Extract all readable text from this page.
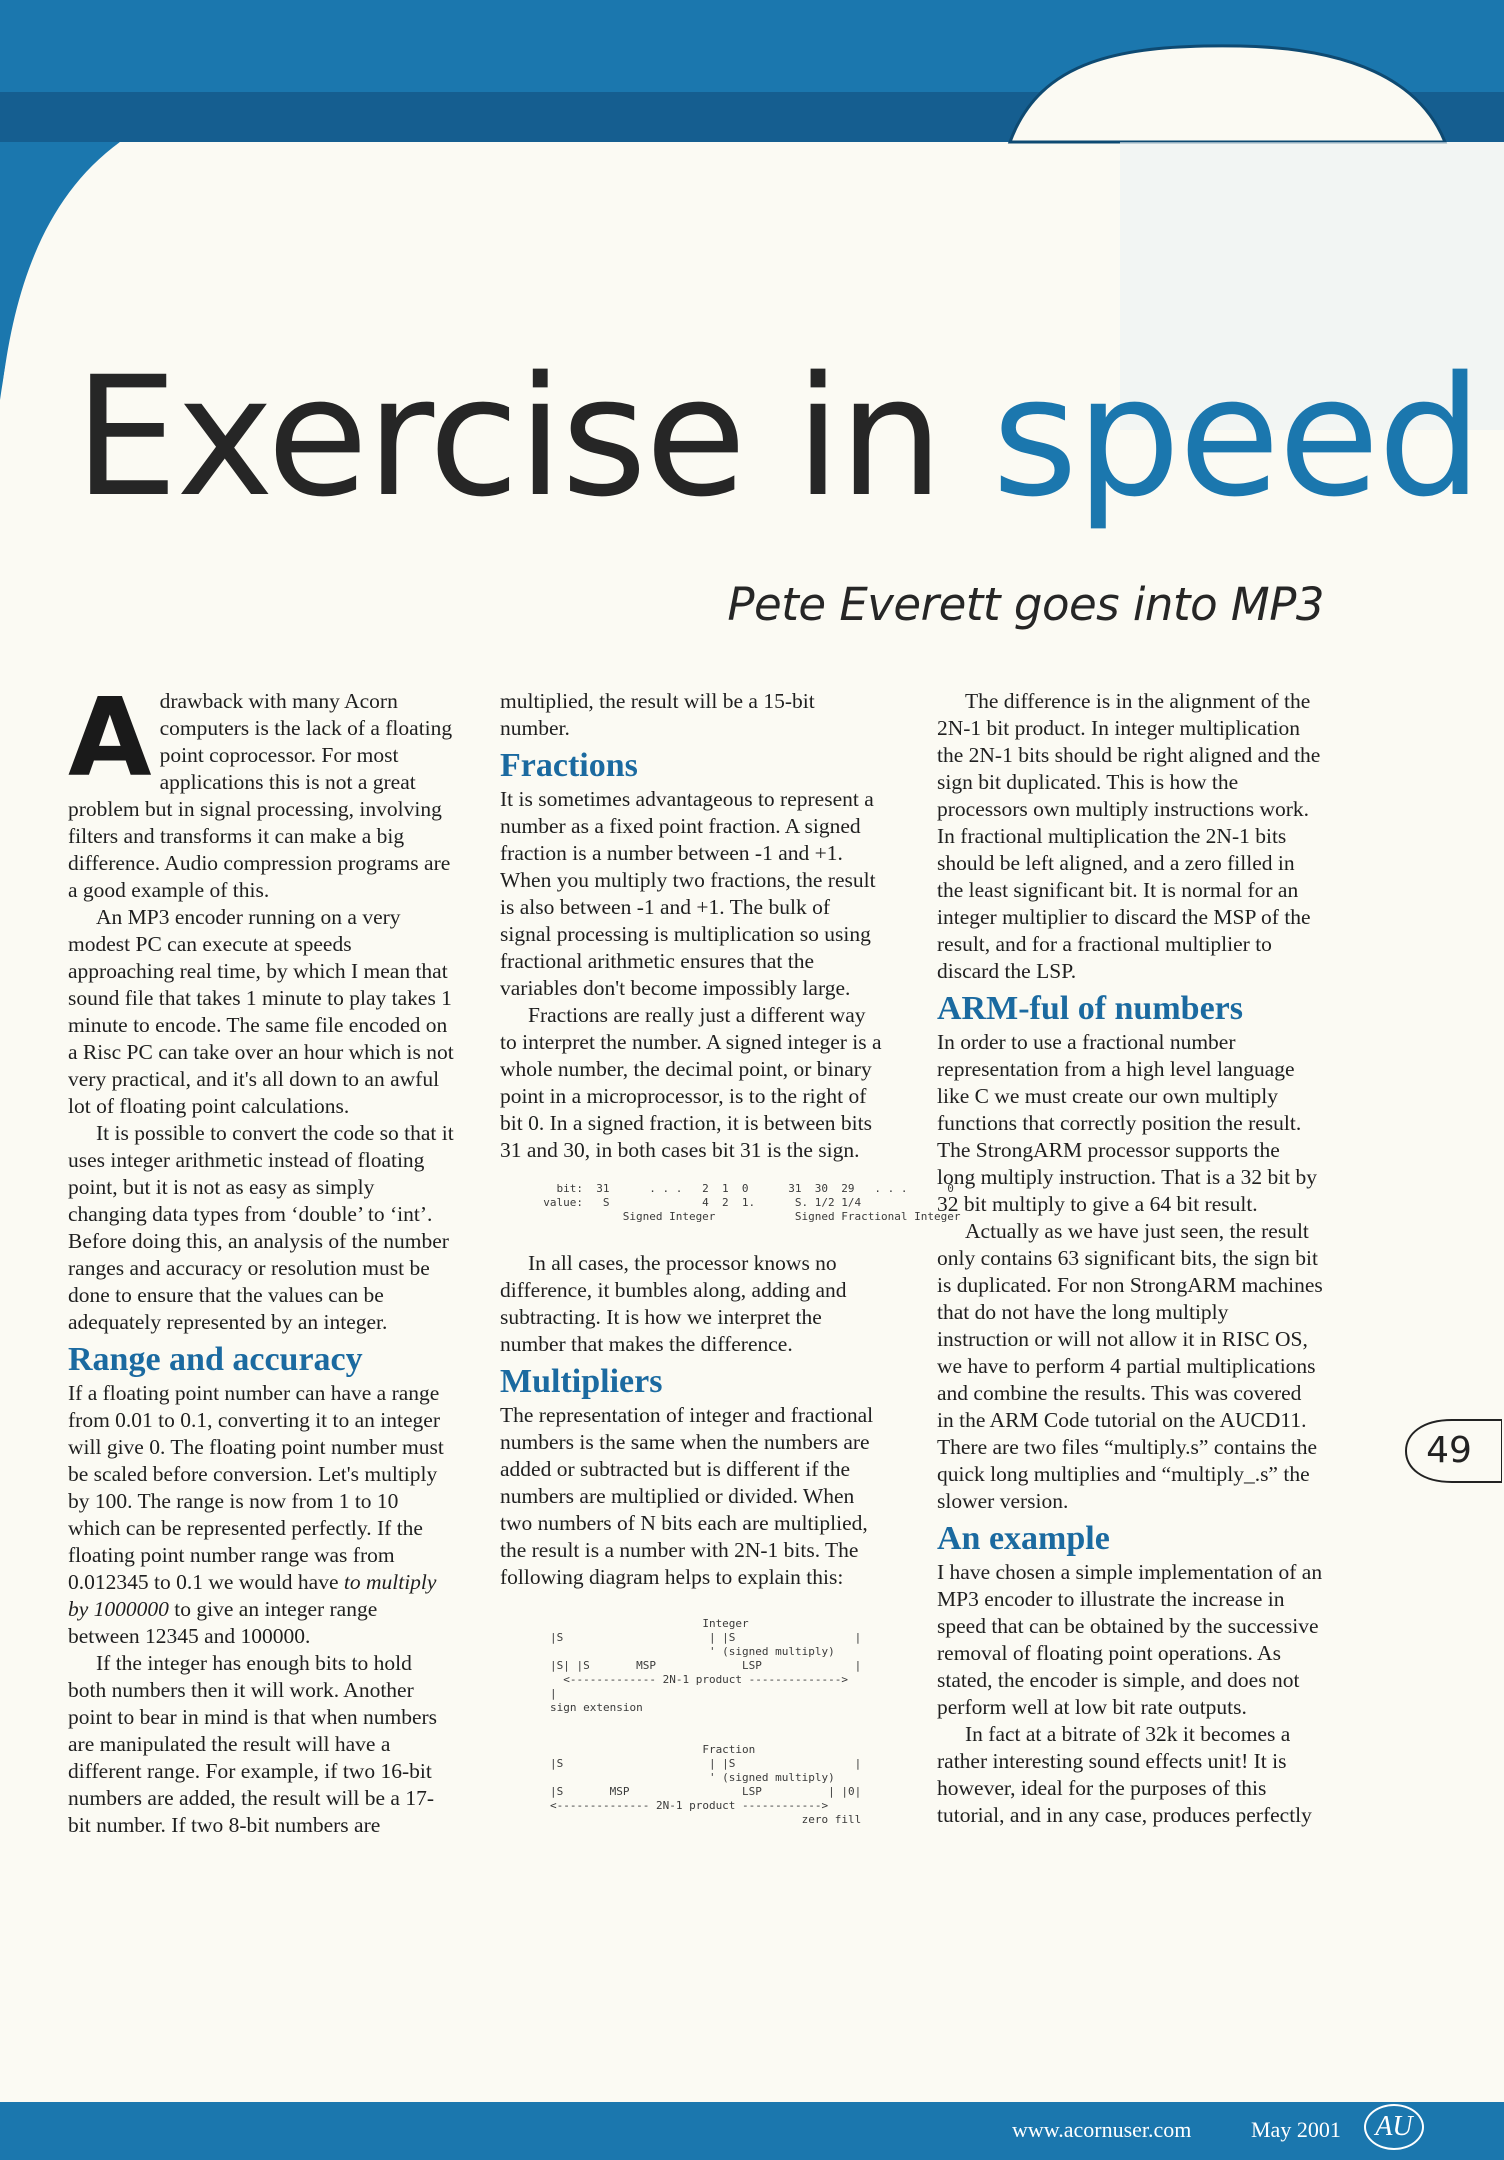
Exercise in speed
Pete Everett goes into MP3
A drawback with many Acorn computers is the lack of a floating point coprocessor. For most applications this is not a great problem but in signal processing, involving filters and transforms it can make a big difference. Audio compression programs are a good example of this.

An MP3 encoder running on a very modest PC can execute at speeds approaching real time, by which I mean that sound file that takes 1 minute to play takes 1 minute to encode. The same file encoded on a Risc PC can take over an hour which is not very practical, and it's all down to an awful lot of floating point calculations.

It is possible to convert the code so that it uses integer arithmetic instead of floating point, but it is not as easy as simply changing data types from ‘double’ to ‘int’. Before doing this, an analysis of the number ranges and accuracy or resolution must be done to ensure that the values can be adequately represented by an integer.

Range and accuracy

If a floating point number can have a range from 0.01 to 0.1, converting it to an integer will give 0. The floating point number must be scaled before conversion. Let's multiply by 100. The range is now from 1 to 10 which can be represented perfectly. If the floating point number range was from 0.012345 to 0.1 we would have to multiply by 1000000 to give an integer range between 12345 and 100000.

If the integer has enough bits to hold both numbers then it will work. Another point to bear in mind is that when numbers are manipulated the result will have a different range. For example, if two 16-bit numbers are added, the result will be a 17-bit number. If two 8-bit numbers are

multiplied, the result will be a 15-bit number.

Fractions

It is sometimes advantageous to represent a number as a fixed point fraction. A signed fraction is a number between -1 and +1. When you multiply two fractions, the result is also between -1 and +1. The bulk of signal processing is multiplication so using fractional arithmetic ensures that the variables don't become impossibly large.

Fractions are really just a different way to interpret the number. A signed integer is a whole number, the decimal point, or binary point in a microprocessor, is to the right of bit 0. In a signed fraction, it is between bits 31 and 30, in both cases bit 31 is the sign.

bit:  31      . . .   2  1  0      31  30  29   . . .      0
value:   S              4  2  1.      S. 1/2 1/4
Signed Integer            Signed Fractional Integer

In all cases, the processor knows no difference, it bumbles along, adding and subtracting. It is how we interpret the number that makes the difference.

Multipliers

The representation of integer and fractional numbers is the same when the numbers are added or subtracted but is different if the numbers are multiplied or divided. When two numbers of N bits each are multiplied, the result is a number with 2N-1 bits. The following diagram helps to explain this:

Integer
|S                      | |S                  |
' (signed multiply)
|S| |S       MSP             LSP              |
<------------- 2N-1 product -------------->
|
sign extension

Fraction
|S                      | |S                  |
' (signed multiply)
|S       MSP                 LSP          | |0|
<-------------- 2N-1 product ------------>
zero fill

The difference is in the alignment of the 2N-1 bit product. In integer multiplication the 2N-1 bits should be right aligned and the sign bit duplicated. This is how the processors own multiply instructions work. In fractional multiplication the 2N-1 bits should be left aligned, and a zero filled in the least significant bit. It is normal for an integer multiplier to discard the MSP of the result, and for a fractional multiplier to discard the LSP.

ARM-ful of numbers

In order to use a fractional number representation from a high level language like C we must create our own multiply functions that correctly position the result. The StrongARM processor supports the long multiply instruction. That is a 32 bit by 32 bit multiply to give a 64 bit result.

Actually as we have just seen, the result only contains 63 significant bits, the sign bit is duplicated. For non StrongARM machines that do not have the long multiply instruction or will not allow it in RISC OS, we have to perform 4 partial multiplications and combine the results. This was covered in the ARM Code tutorial on the AUCD11. There are two files “multiply.s” contains the quick long multiplies and “multiply_.s” the slower version.

An example

I have chosen a simple implementation of an MP3 encoder to illustrate the increase in speed that can be obtained by the successive removal of floating point operations. As stated, the encoder is simple, and does not perform well at low bit rate outputs.

In fact at a bitrate of 32k it becomes a rather interesting sound effects unit! It is however, ideal for the purposes of this tutorial, and in any case, produces perfectly

49
www.acornuser.com	May 2001	AU
